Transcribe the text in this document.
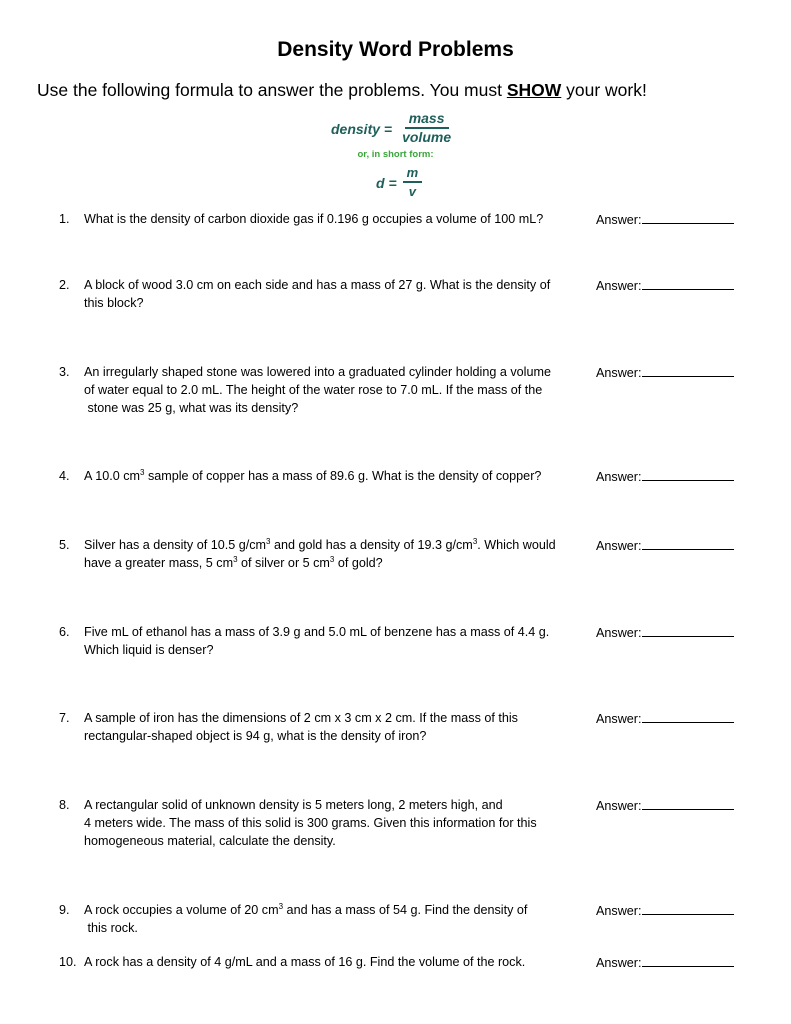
Density Word Problems

Use the following formula to answer the problems. You must SHOW your work!

density = $\frac{\text{mass}}{\text{volume}}$
or, in short form:
$d = \frac{m}{v}$
1. What is the density of carbon dioxide gas if 0.196 g occupies a volume of 100 mL?	Answer:
2. A block of wood 3.0 cm on each side and has a mass of 27 g. What is the density of
this block?
Answer:
3. An irregularly shaped stone was lowered into a graduated cylinder holding a volume
of water equal to 2.0 mL. The height of the water rose to 7.0 mL. If the mass of the
stone was 25 g, what was its density?
Answer:
4. A 10.0 $cm^3$ sample of copper has a mass of 89.6 g. What is the density of copper?	Answer:
5. Silver has a density of 10.5 $g/cm^3$ and gold has a density of 19.3 $g/cm^3$. Which would
have a greater mass, 5 $cm^3$ of silver or 5 $cm^3$ of gold?
Answer:
6. Five mL of ethanol has a mass of 3.9 g and 5.0 mL of benzene has a mass of 4.4 g.
Which liquid is denser?
Answer:
7. A sample of iron has the dimensions of 2 cm x 3 cm x 2 cm. If the mass of this
rectangular-shaped object is 94 g, what is the density of iron?
Answer:
8. A rectangular solid of unknown density is 5 meters long, 2 meters high, and
4 meters wide. The mass of this solid is 300 grams. Given this information for this
homogeneous material, calculate the density.
Answer:
9. A rock occupies a volume of 20 $cm^3$ and has a mass of 54 g. Find the density of
this rock.
Answer:
10. A rock has a density of 4 g/mL and a mass of 16 g. Find the volume of the rock.	Answer:
